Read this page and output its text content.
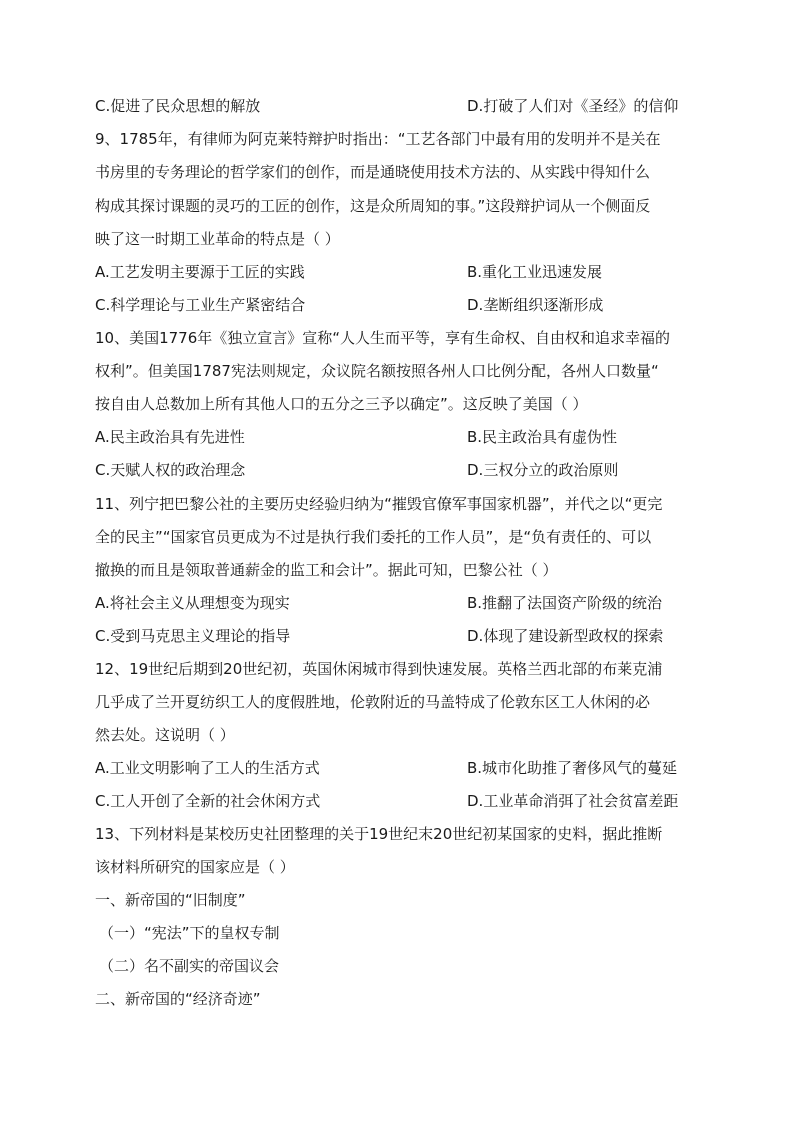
C.促进了民众思想的解放	D.打破了人们对《圣经》的信仰
9、1785年，有律师为阿克莱特辩护时指出：“工艺各部门中最有用的发明并不是关在
书房里的专务理论的哲学家们的创作，而是通晓使用技术方法的、从实践中得知什么
构成其探讨课题的灵巧的工匠的创作，这是众所周知的事。”这段辩护词从一个侧面反
映了这一时期工业革命的特点是（ ）
A.工艺发明主要源于工匠的实践	B.重化工业迅速发展
C.科学理论与工业生产紧密结合	D.垄断组织逐渐形成
10、美国1776年《独立宣言》宣称“人人生而平等，享有生命权、自由权和追求幸福的
权利”。但美国1787宪法则规定，众议院名额按照各州人口比例分配，各州人口数量“
按自由人总数加上所有其他人口的五分之三予以确定”。这反映了美国（ ）
A.民主政治具有先进性	B.民主政治具有虚伪性
C.天赋人权的政治理念	D.三权分立的政治原则
11、列宁把巴黎公社的主要历史经验归纳为“摧毁官僚军事国家机器”，并代之以“更完
全的民主”“国家官员更成为不过是执行我们委托的工作人员”，是“负有责任的、可以
撤换的而且是领取普通薪金的监工和会计”。据此可知，巴黎公社（ ）
A.将社会主义从理想变为现实	B.推翻了法国资产阶级的统治
C.受到马克思主义理论的指导	D.体现了建设新型政权的探索
12、19世纪后期到20世纪初，英国休闲城市得到快速发展。英格兰西北部的布莱克浦
几乎成了兰开夏纺织工人的度假胜地，伦敦附近的马盖特成了伦敦东区工人休闲的必
然去处。这说明（ ）
A.工业文明影响了工人的生活方式	B.城市化助推了奢侈风气的蔓延
C.工人开创了全新的社会休闲方式	D.工业革命消弭了社会贫富差距
13、下列材料是某校历史社团整理的关于19世纪末20世纪初某国家的史料，据此推断
该材料所研究的国家应是（ ）
一、新帝国的“旧制度”
（一）“宪法”下的皇权专制
（二）名不副实的帝国议会
二、新帝国的“经济奇迹”
